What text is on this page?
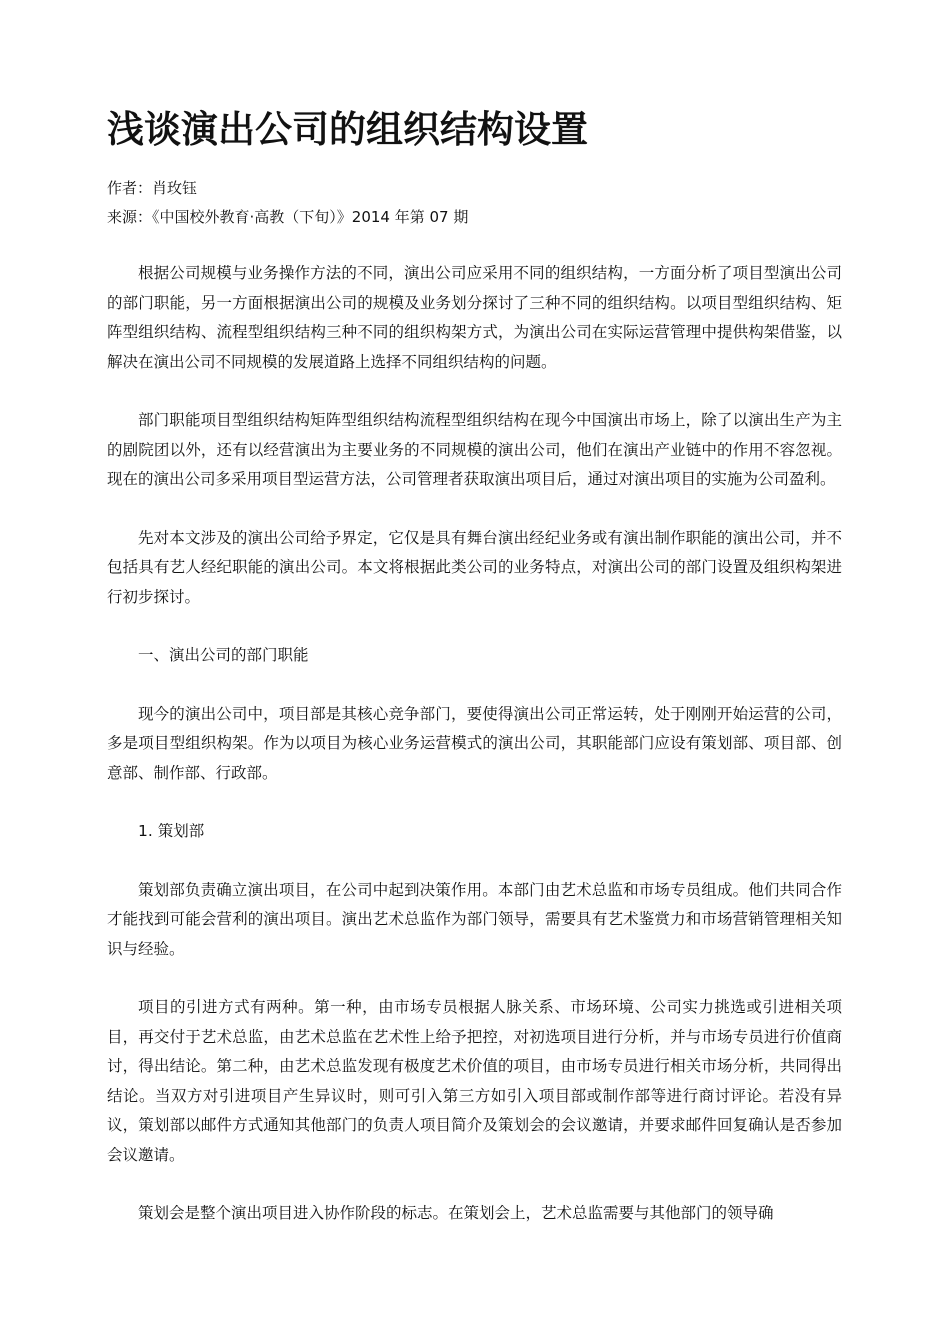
浅谈演出公司的组织结构设置

作者：肖玫钰

来源：《中国校外教育·高教（下旬）》2014 年第 07 期

根据公司规模与业务操作方法的不同，演出公司应采用不同的组织结构，一方面分析了项目型演出公司的部门职能，另一方面根据演出公司的规模及业务划分探讨了三种不同的组织结构。以项目型组织结构、矩阵型组织结构、流程型组织结构三种不同的组织构架方式，为演出公司在实际运营管理中提供构架借鉴，以解决在演出公司不同规模的发展道路上选择不同组织结构的问题。

部门职能项目型组织结构矩阵型组织结构流程型组织结构在现今中国演出市场上，除了以演出生产为主的剧院团以外，还有以经营演出为主要业务的不同规模的演出公司，他们在演出产业链中的作用不容忽视。现在的演出公司多采用项目型运营方法，公司管理者获取演出项目后，通过对演出项目的实施为公司盈利。

先对本文涉及的演出公司给予界定，它仅是具有舞台演出经纪业务或有演出制作职能的演出公司，并不包括具有艺人经纪职能的演出公司。本文将根据此类公司的业务特点，对演出公司的部门设置及组织构架进行初步探讨。

一、演出公司的部门职能

现今的演出公司中，项目部是其核心竞争部门，要使得演出公司正常运转，处于刚刚开始运营的公司，多是项目型组织构架。作为以项目为核心业务运营模式的演出公司，其职能部门应设有策划部、项目部、创意部、制作部、行政部。

1. 策划部

策划部负责确立演出项目，在公司中起到决策作用。本部门由艺术总监和市场专员组成。他们共同合作才能找到可能会营利的演出项目。演出艺术总监作为部门领导，需要具有艺术鉴赏力和市场营销管理相关知识与经验。

项目的引进方式有两种。第一种，由市场专员根据人脉关系、市场环境、公司实力挑选或引进相关项目，再交付于艺术总监，由艺术总监在艺术性上给予把控，对初选项目进行分析，并与市场专员进行价值商讨，得出结论。第二种，由艺术总监发现有极度艺术价值的项目，由市场专员进行相关市场分析，共同得出结论。当双方对引进项目产生异议时，则可引入第三方如引入项目部或制作部等进行商讨评论。若没有异议，策划部以邮件方式通知其他部门的负责人项目简介及策划会的会议邀请，并要求邮件回复确认是否参加会议邀请。

策划会是整个演出项目进入协作阶段的标志。在策划会上，艺术总监需要与其他部门的领导确
